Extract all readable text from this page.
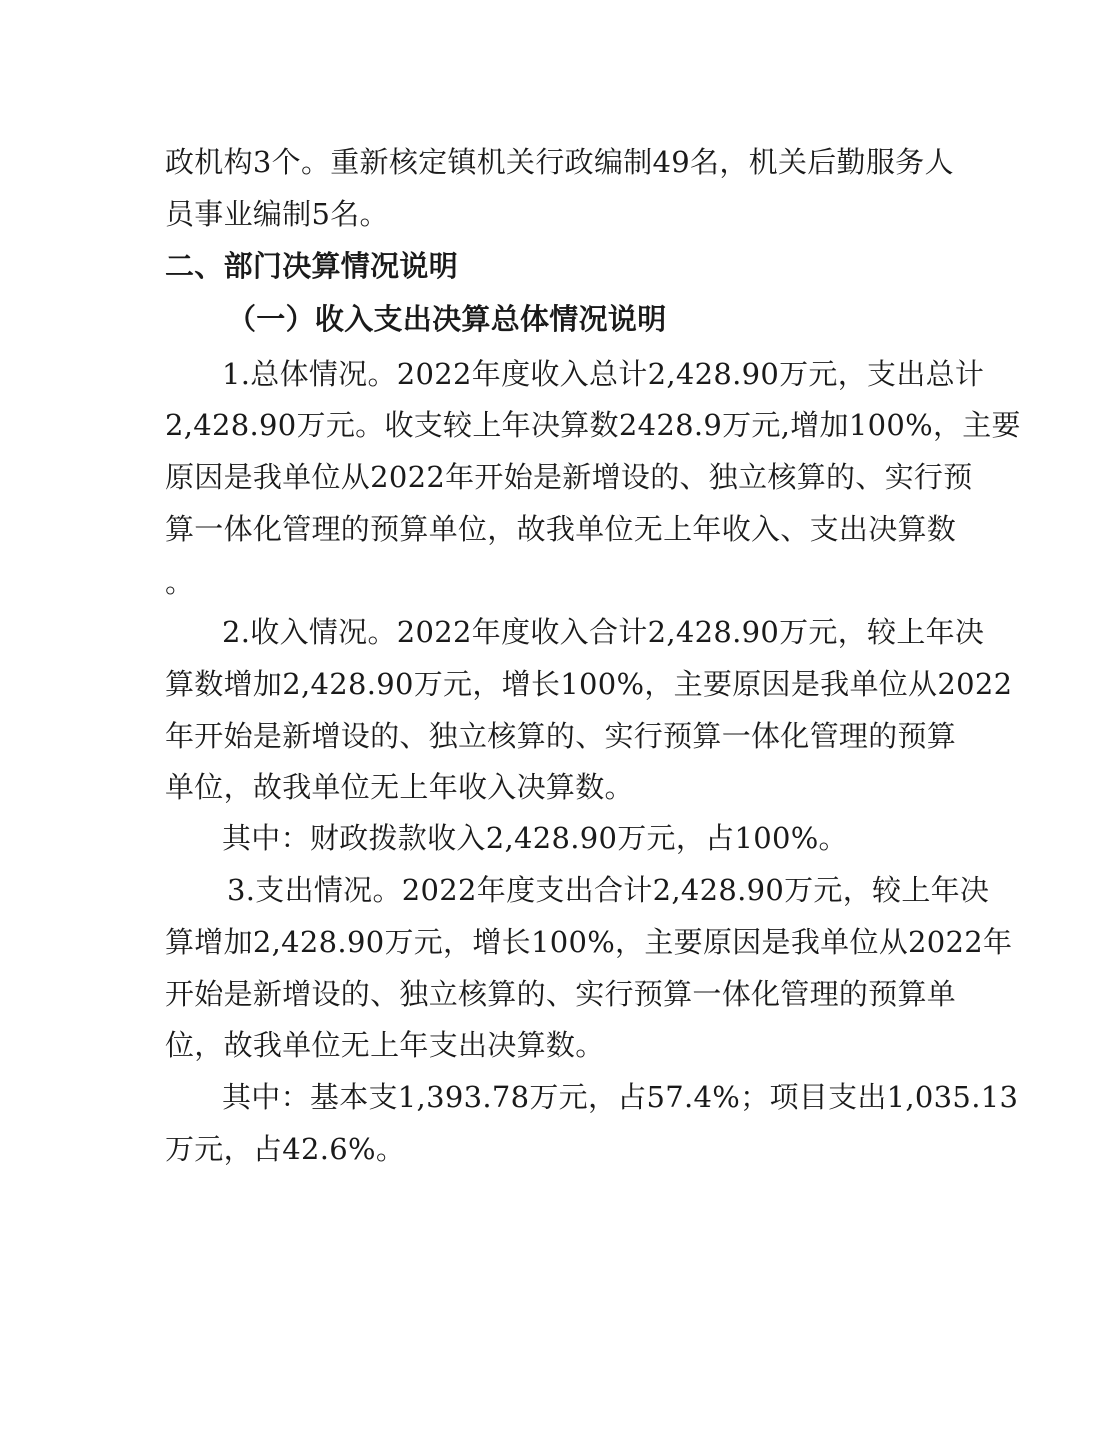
政机构3个。重新核定镇机关行政编制49名，机关后勤服务人
员事业编制5名。
二、部门决算情况说明
（一）收入支出决算总体情况说明
1.总体情况。2022年度收入总计2,428.90万元，支出总计
2,428.90万元。收支较上年决算数2428.9万元,增加100%，主要
原因是我单位从2022年开始是新增设的、独立核算的、实行预
算一体化管理的预算单位，故我单位无上年收入、支出决算数
。
2.收入情况。2022年度收入合计2,428.90万元，较上年决
算数增加2,428.90万元，增长100%，主要原因是我单位从2022
年开始是新增设的、独立核算的、实行预算一体化管理的预算
单位，故我单位无上年收入决算数。
其中：财政拨款收入2,428.90万元，占100%。
3.支出情况。2022年度支出合计2,428.90万元，较上年决
算增加2,428.90万元，增长100%，主要原因是我单位从2022年
开始是新增设的、独立核算的、实行预算一体化管理的预算单
位，故我单位无上年支出决算数。
其中：基本支1,393.78万元，占57.4%；项目支出1,035.13
万元，占42.6%。
